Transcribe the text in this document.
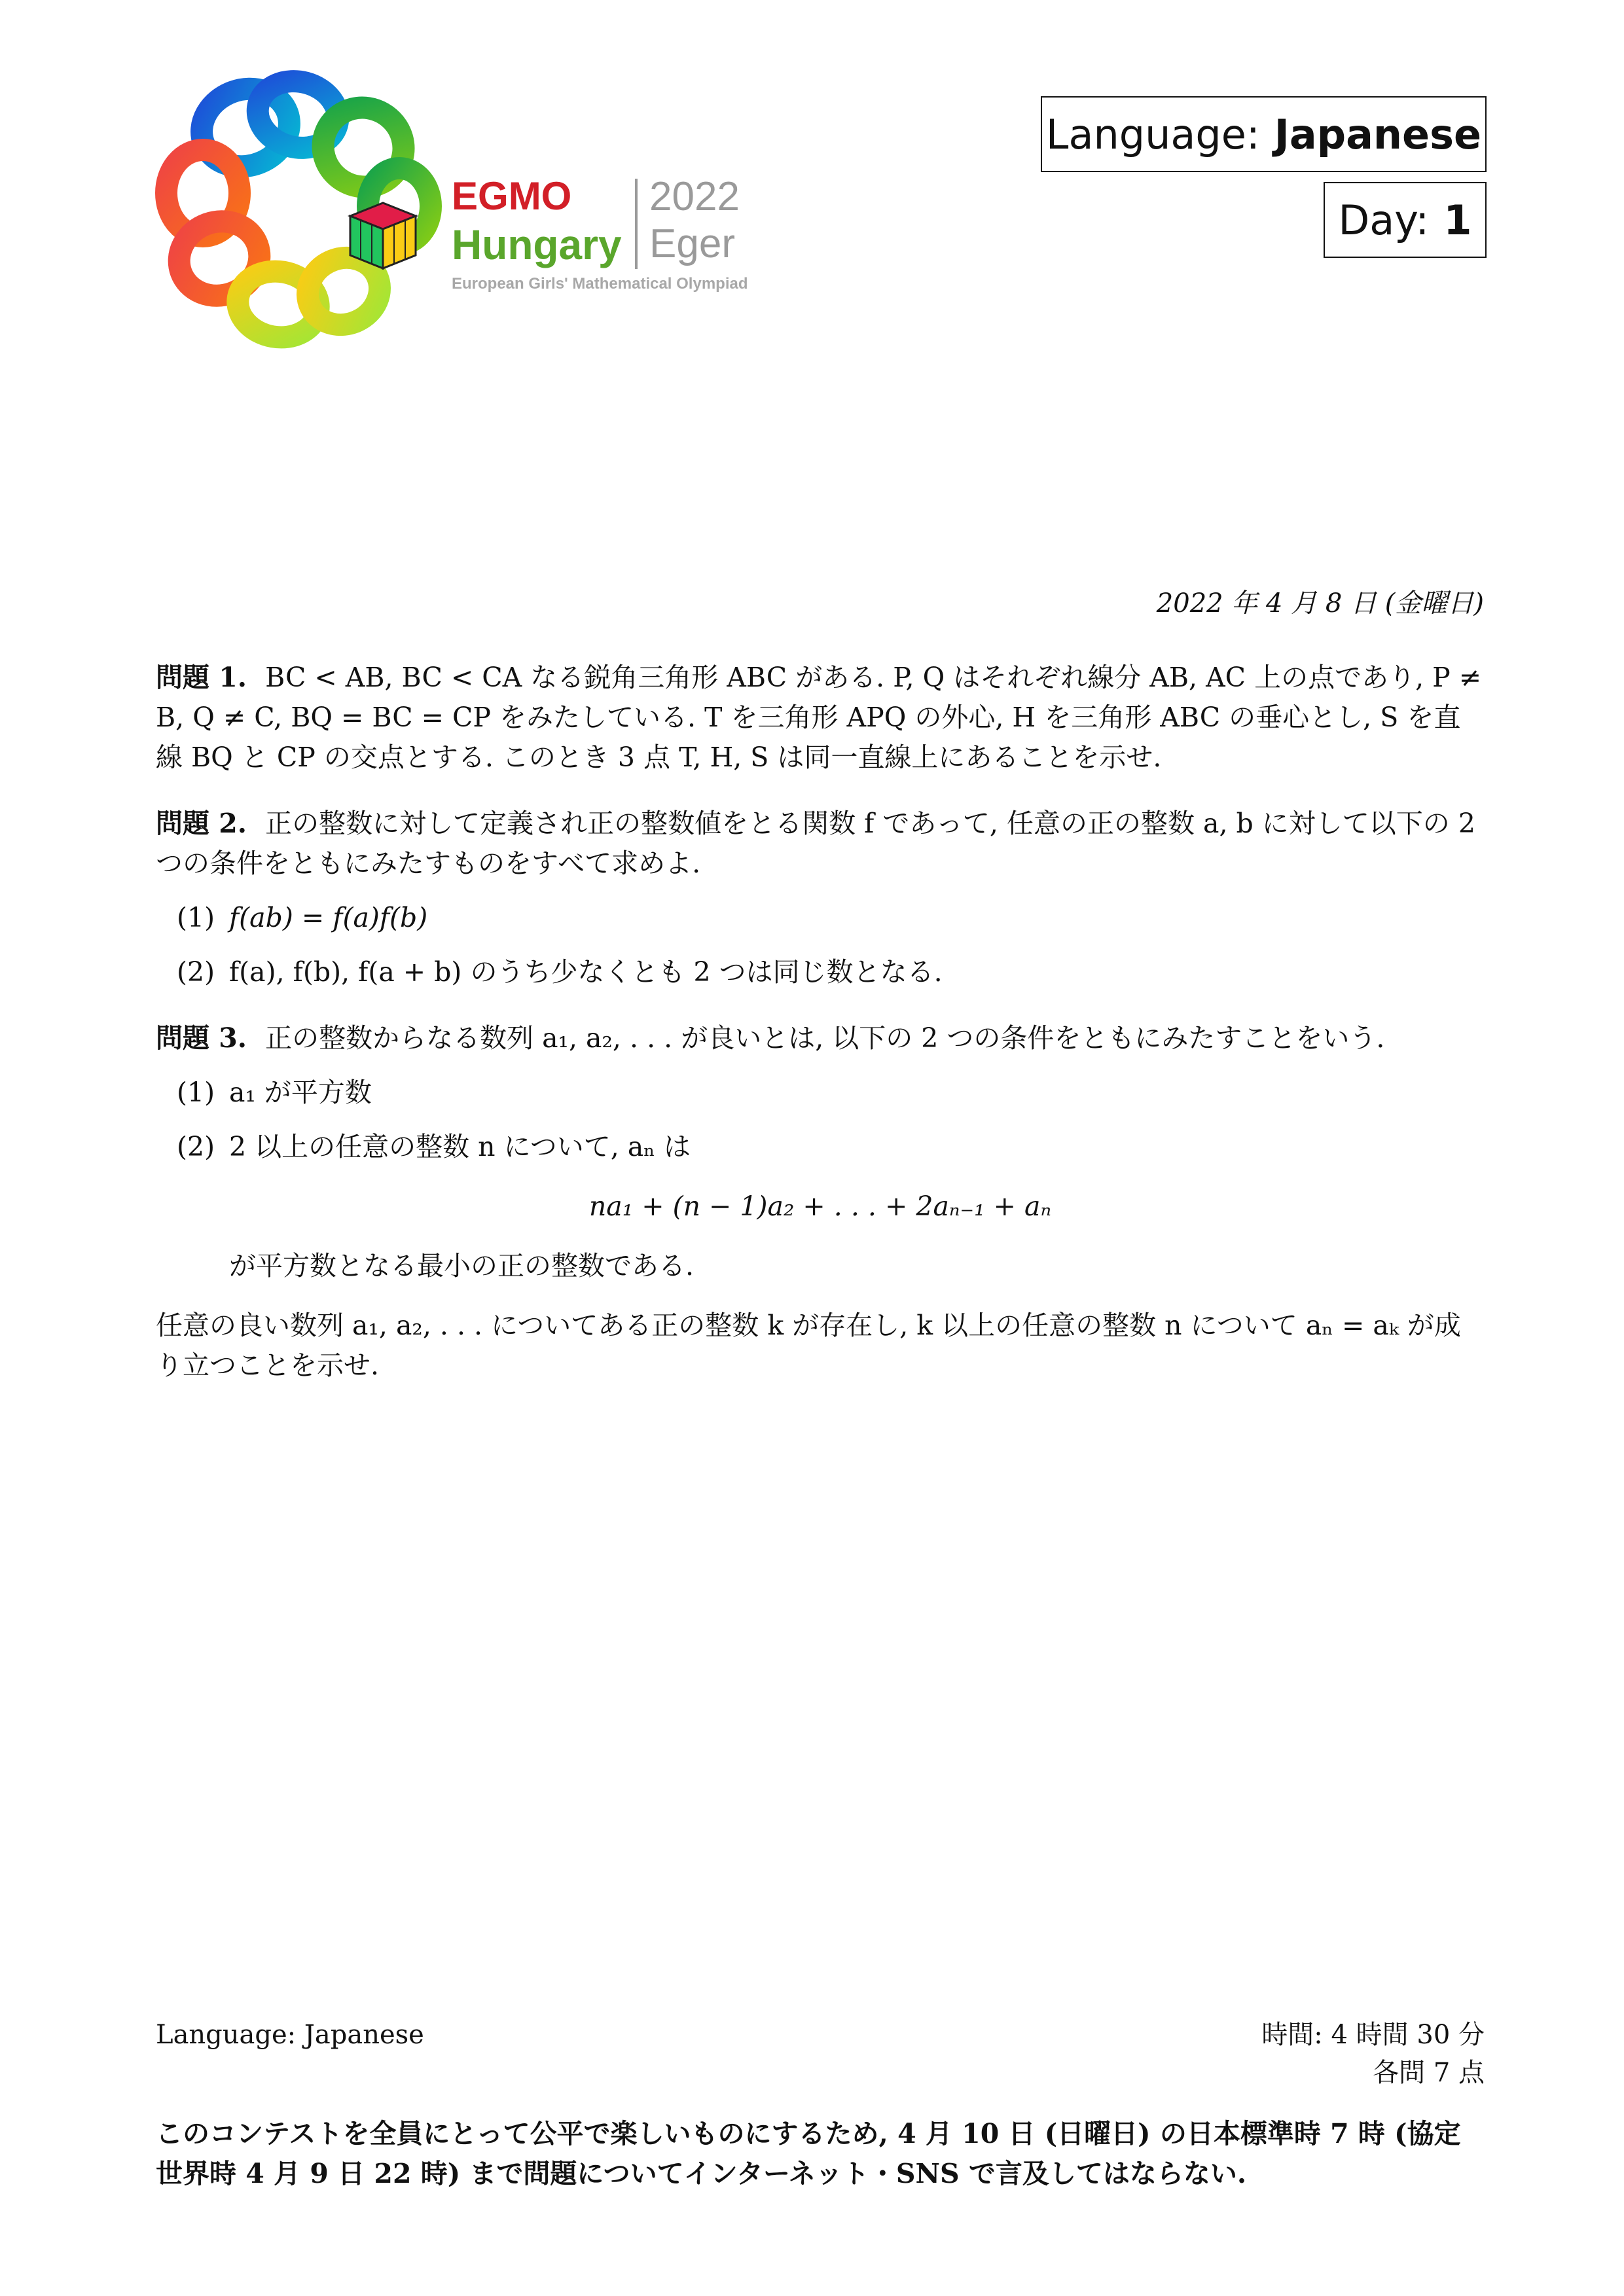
EGMO
Hungary
2022
Eger
European Girls' Mathematical Olympiad
Language: Japanese
Day: 1
2022 年 4 月 8 日 (金曜日)
問題 1. BC < AB, BC < CA なる鋭角三角形 ABC がある. P, Q はそれぞれ線分 AB, AC 上の点であり, P ≠ B, Q ≠ C, BQ = BC = CP をみたしている. T を三角形 APQ の外心, H を三角形 ABC の垂心とし, S を直線 BQ と CP の交点とする. このとき 3 点 T, H, S は同一直線上にあることを示せ.
問題 2. 正の整数に対して定義され正の整数値をとる関数 f であって, 任意の正の整数 a, b に対して以下の 2 つの条件をともにみたすものをすべて求めよ.
(1) f(ab) = f(a)f(b)
(2) f(a), f(b), f(a + b) のうち少なくとも 2 つは同じ数となる.
問題 3. 正の整数からなる数列 a₁, a₂, . . . が良いとは, 以下の 2 つの条件をともにみたすことをいう.
(1) a₁ が平方数
(2) 2 以上の任意の整数 n について, aₙ は
na₁ + (n − 1)a₂ + . . . + 2aₙ₋₁ + aₙ
が平方数となる最小の正の整数である.
任意の良い数列 a₁, a₂, . . . についてある正の整数 k が存在し, k 以上の任意の整数 n について aₙ = aₖ が成り立つことを示せ.
Language: Japanese	時間: 4 時間 30 分
各問 7 点
このコンテストを全員にとって公平で楽しいものにするため, 4 月 10 日 (日曜日) の日本標準時 7 時 (協定世界時 4 月 9 日 22 時) まで問題についてインターネット・SNS で言及してはならない.
